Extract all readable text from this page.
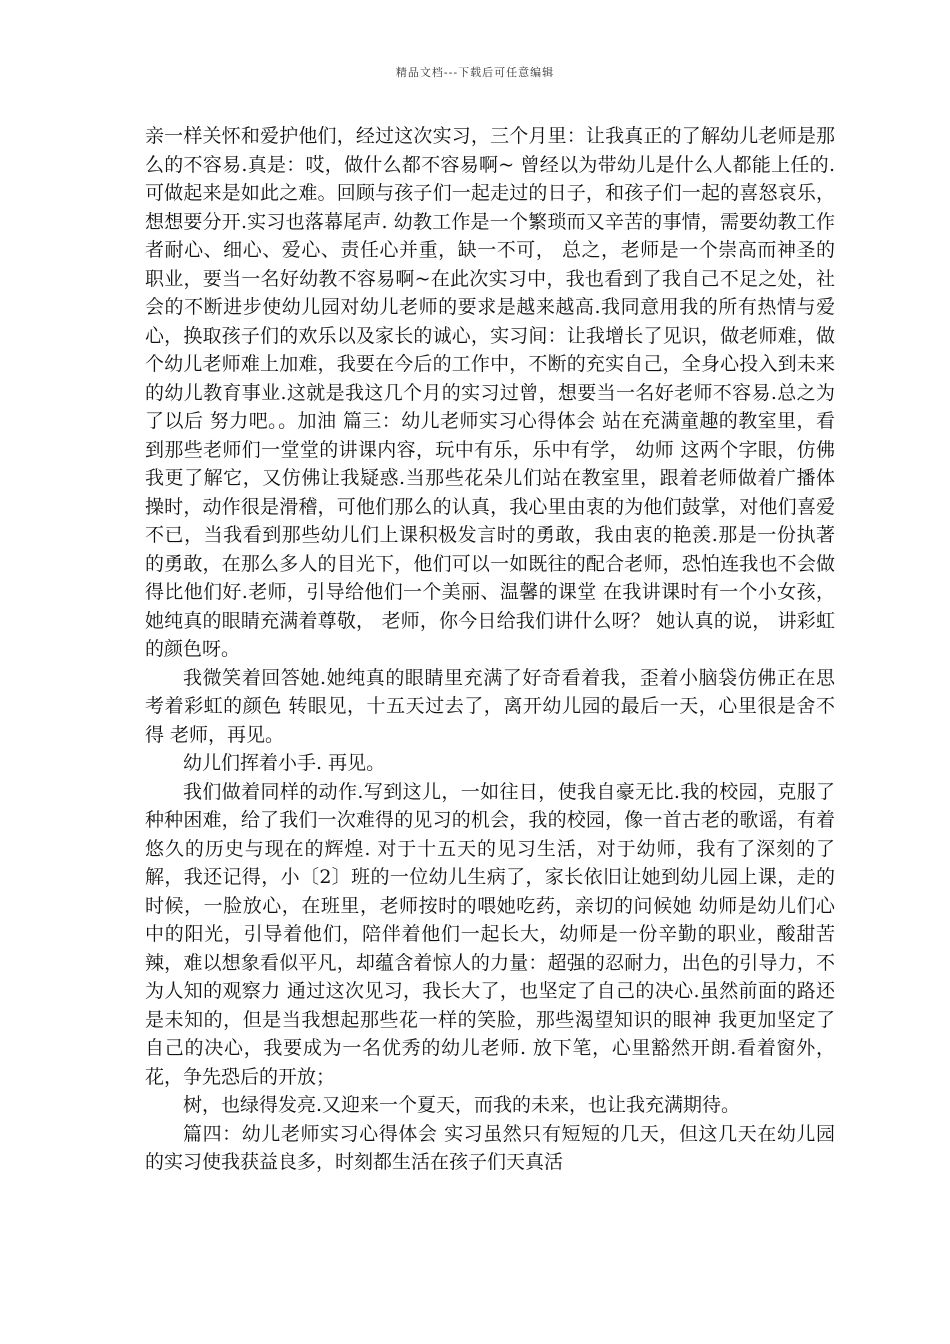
精品文档---下载后可任意编辑

亲一样关怀和爱护他们，经过这次实习，三个月里：让我真正的了解幼儿老师是那么的不容易.真是：哎，做什么都不容易啊~ 曾经以为带幼儿是什么人都能上任的. 可做起来是如此之难。回顾与孩子们一起走过的日子，和孩子们一起的喜怒哀乐，想想要分开.实习也落幕尾声. 幼教工作是一个繁琐而又辛苦的事情，需要幼教工作者耐心、细心、爱心、责任心并重，缺一不可， 总之，老师是一个崇高而神圣的职业，要当一名好幼教不容易啊~在此次实习中，我也看到了我自己不足之处，社会的不断进步使幼儿园对幼儿老师的要求是越来越高.我同意用我的所有热情与爱心，换取孩子们的欢乐以及家长的诚心，实习间：让我增长了见识，做老师难，做个幼儿老师难上加难，我要在今后的工作中，不断的充实自己，全身心投入到未来的幼儿教育事业.这就是我这几个月的实习过曾，想要当一名好老师不容易.总之为了以后 努力吧。。加油 篇三：幼儿老师实习心得体会 站在充满童趣的教室里，看到那些老师们一堂堂的讲课内容，玩中有乐，乐中有学， 幼师 这两个字眼，仿佛我更了解它，又仿佛让我疑惑.当那些花朵儿们站在教室里，跟着老师做着广播体操时，动作很是滑稽，可他们那么的认真，我心里由衷的为他们鼓掌，对他们喜爱不已，当我看到那些幼儿们上课积极发言时的勇敢，我由衷的艳羡.那是一份执著的勇敢，在那么多人的目光下，他们可以一如既往的配合老师，恐怕连我也不会做得比他们好.老师，引导给他们一个美丽、温馨的课堂 在我讲课时有一个小女孩，她纯真的眼睛充满着尊敬， 老师，你今日给我们讲什么呀？ 她认真的说， 讲彩虹的颜色呀。

我微笑着回答她.她纯真的眼睛里充满了好奇看着我，歪着小脑袋仿佛正在思考着彩虹的颜色 转眼见，十五天过去了，离开幼儿园的最后一天，心里很是舍不得 老师，再见。

幼儿们挥着小手. 再见。

我们做着同样的动作.写到这儿，一如往日，使我自豪无比.我的校园，克服了种种困难，给了我们一次难得的见习的机会，我的校园，像一首古老的歌谣，有着悠久的历史与现在的辉煌. 对于十五天的见习生活，对于幼师，我有了深刻的了解，我还记得，小〔2〕班的一位幼儿生病了，家长依旧让她到幼儿园上课，走的时候，一脸放心，在班里，老师按时的喂她吃药，亲切的问候她 幼师是幼儿们心中的阳光，引导着他们，陪伴着他们一起长大，幼师是一份辛勤的职业，酸甜苦辣，难以想象看似平凡，却蕴含着惊人的力量：超强的忍耐力，出色的引导力，不为人知的观察力 通过这次见习，我长大了，也坚定了自己的决心.虽然前面的路还是未知的，但是当我想起那些花一样的笑脸，那些渴望知识的眼神 我更加坚定了自己的决心，我要成为一名优秀的幼儿老师. 放下笔，心里豁然开朗.看着窗外，花，争先恐后的开放；

树，也绿得发亮.又迎来一个夏天，而我的未来，也让我充满期待。

篇四：幼儿老师实习心得体会 实习虽然只有短短的几天，但这几天在幼儿园的实习使我获益良多，时刻都生活在孩子们天真活
